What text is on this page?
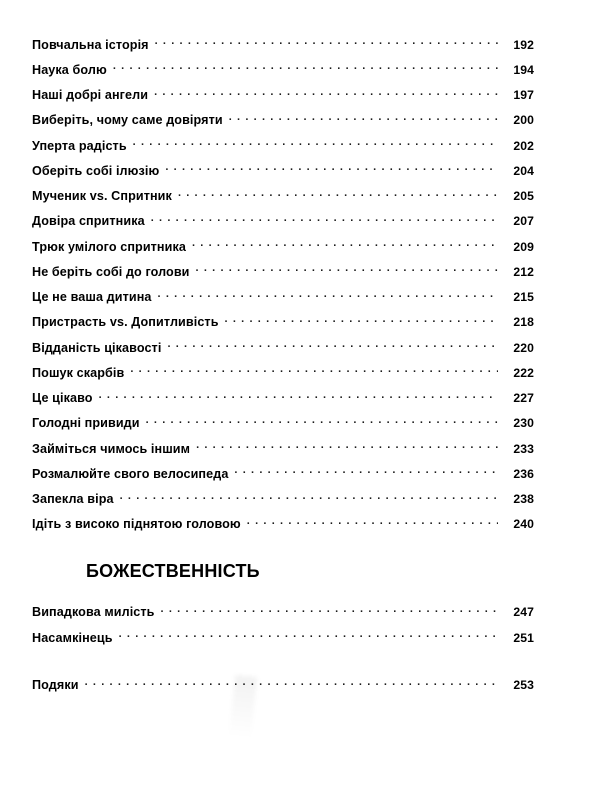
Повчальна історія . . .	192
Наука болю . . .	194
Наші добрі ангели . . .	197
Виберіть, чому саме довіряти . . .	200
Уперта радість . . .	202
Оберіть собі ілюзію . . .	204
Мученик vs. Спритник . . .	205
Довіра спритника . . .	207
Трюк умілого спритника . . .	209
Не беріть собі до голови . . .	212
Це не ваша дитина . . .	215
Пристрасть vs. Допитливість . . .	218
Відданість цікавості . . .	220
Пошук скарбів . . .	222
Це цікаво . . .	227
Голодні привиди . . .	230
Займіться чимось іншим . . .	233
Розмалюйте свого велосипеда . . .	236
Запекла віра . . .	238
Ідіть з високо піднятою головою . . .	240
БОЖЕСТВЕННІСТЬ
Випадкова милість . . .	247
Насамкінець . . .	251
Подяки . . .	253
